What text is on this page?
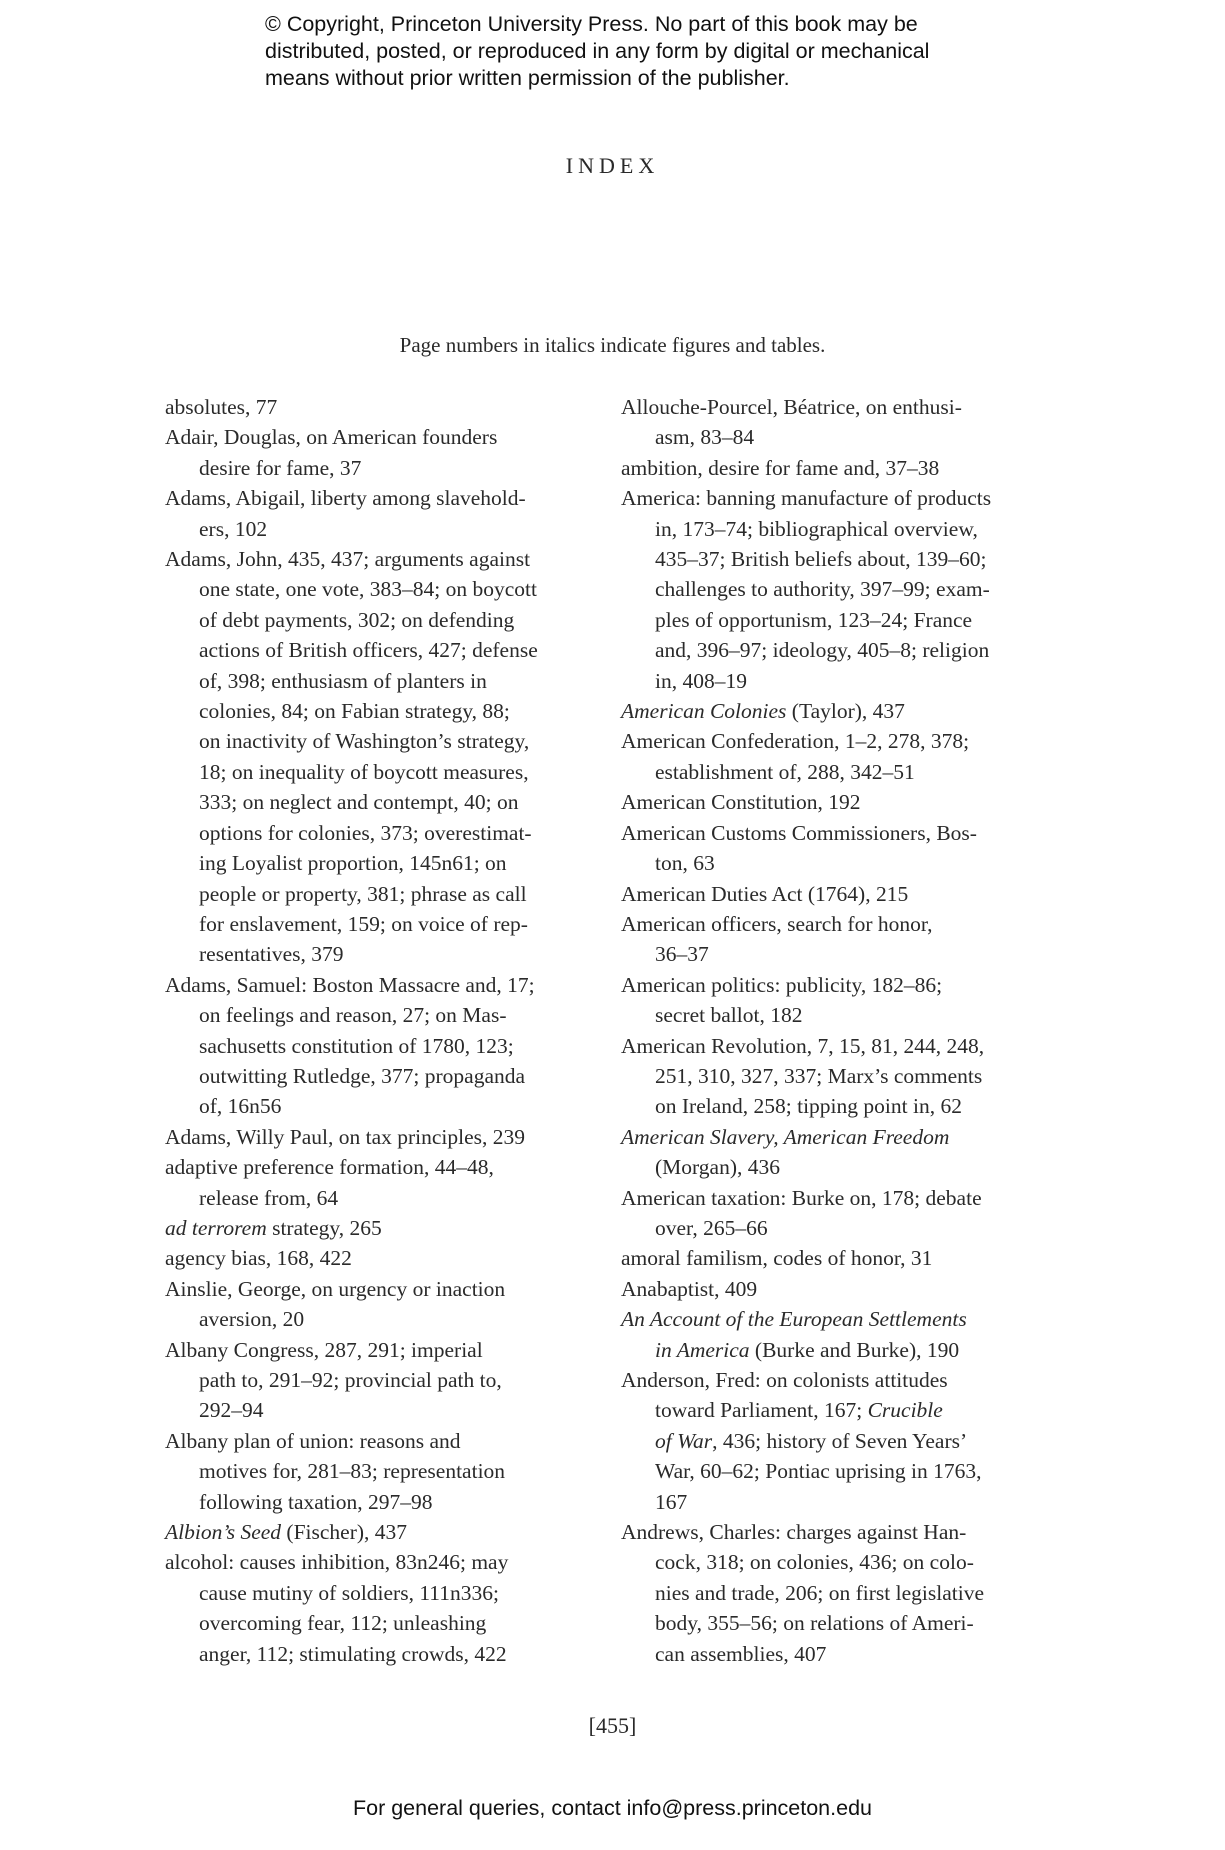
© Copyright, Princeton University Press. No part of this book may be
distributed, posted, or reproduced in any form by digital or mechanical
means without prior written permission of the publisher.
INDEX
Page numbers in italics indicate figures and tables.
absolutes, 77
Adair, Douglas, on American founders
desire for fame, 37
Adams, Abigail, liberty among slavehold-
ers, 102
Adams, John, 435, 437; arguments against
one state, one vote, 383–84; on boycott
of debt payments, 302; on defending
actions of British officers, 427; defense
of, 398; enthusiasm of planters in
colonies, 84; on Fabian strategy, 88;
on inactivity of Washington’s strategy,
18; on inequality of boycott measures,
333; on neglect and contempt, 40; on
options for colonies, 373; overestimat-
ing Loyalist proportion, 145n61; on
people or property, 381; phrase as call
for enslavement, 159; on voice of rep-
resentatives, 379
Adams, Samuel: Boston Massacre and, 17;
on feelings and reason, 27; on Mas-
sachusetts constitution of 1780, 123;
outwitting Rutledge, 377; propaganda
of, 16n56
Adams, Willy Paul, on tax principles, 239
adaptive preference formation, 44–48,
release from, 64
ad terrorem strategy, 265
agency bias, 168, 422
Ainslie, George, on urgency or inaction
aversion, 20
Albany Congress, 287, 291; imperial
path to, 291–92; provincial path to,
292–94
Albany plan of union: reasons and
motives for, 281–83; representation
following taxation, 297–98
Albion’s Seed (Fischer), 437
alcohol: causes inhibition, 83n246; may
cause mutiny of soldiers, 111n336;
overcoming fear, 112; unleashing
anger, 112; stimulating crowds, 422
Allouche-Pourcel, Béatrice, on enthusi-
asm, 83–84
ambition, desire for fame and, 37–38
America: banning manufacture of products
in, 173–74; bibliographical overview,
435–37; British beliefs about, 139–60;
challenges to authority, 397–99; exam-
ples of opportunism, 123–24; France
and, 396–97; ideology, 405–8; religion
in, 408–19
American Colonies (Taylor), 437
American Confederation, 1–2, 278, 378;
establishment of, 288, 342–51
American Constitution, 192
American Customs Commissioners, Bos-
ton, 63
American Duties Act (1764), 215
American officers, search for honor,
36–37
American politics: publicity, 182–86;
secret ballot, 182
American Revolution, 7, 15, 81, 244, 248,
251, 310, 327, 337; Marx’s comments
on Ireland, 258; tipping point in, 62
American Slavery, American Freedom
(Morgan), 436
American taxation: Burke on, 178; debate
over, 265–66
amoral familism, codes of honor, 31
Anabaptist, 409
An Account of the European Settlements
in America (Burke and Burke), 190
Anderson, Fred: on colonists attitudes
toward Parliament, 167; Crucible
of War, 436; history of Seven Years’
War, 60–62; Pontiac uprising in 1763,
167
Andrews, Charles: charges against Han-
cock, 318; on colonies, 436; on colo-
nies and trade, 206; on first legislative
body, 355–56; on relations of Ameri-
can assemblies, 407
[455]
For general queries, contact info@press.princeton.edu
